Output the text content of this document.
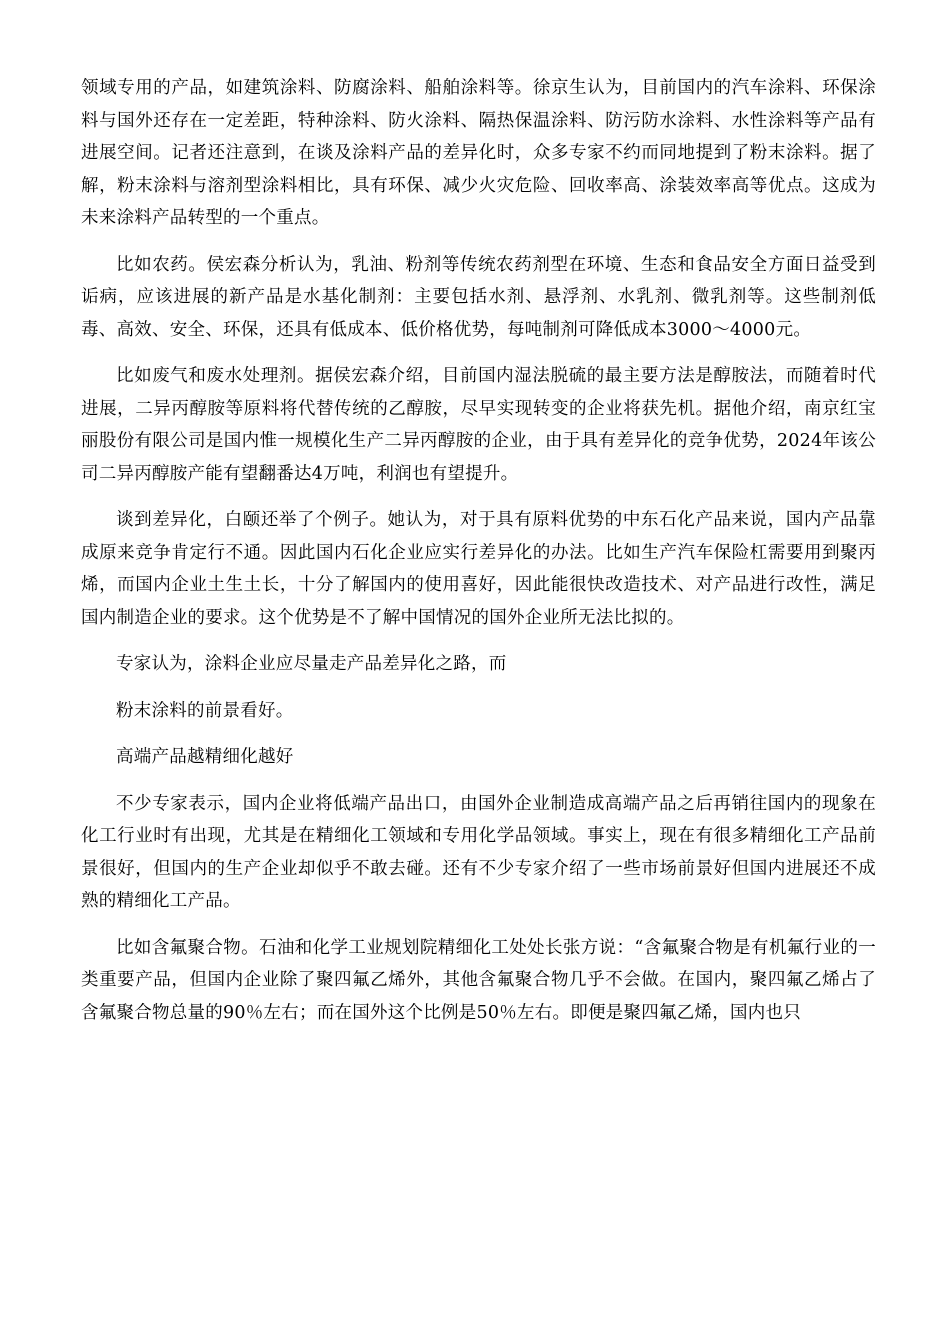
领域专用的产品，如建筑涂料、防腐涂料、船舶涂料等。徐京生认为，目前国内的汽车涂料、环保涂料与国外还存在一定差距，特种涂料、防火涂料、隔热保温涂料、防污防水涂料、水性涂料等产品有进展空间。记者还注意到，在谈及涂料产品的差异化时，众多专家不约而同地提到了粉末涂料。据了解，粉末涂料与溶剂型涂料相比，具有环保、减少火灾危险、回收率高、涂装效率高等优点。这成为未来涂料产品转型的一个重点。

比如农药。侯宏森分析认为，乳油、粉剂等传统农药剂型在环境、生态和食品安全方面日益受到诟病，应该进展的新产品是水基化制剂：主要包括水剂、悬浮剂、水乳剂、微乳剂等。这些制剂低毒、高效、安全、环保，还具有低成本、低价格优势，每吨制剂可降低成本3000～4000元。

比如废气和废水处理剂。据侯宏森介绍，目前国内湿法脱硫的最主要方法是醇胺法，而随着时代进展，二异丙醇胺等原料将代替传统的乙醇胺，尽早实现转变的企业将获先机。据他介绍，南京红宝丽股份有限公司是国内惟一规模化生产二异丙醇胺的企业，由于具有差异化的竞争优势，2024年该公司二异丙醇胺产能有望翻番达4万吨，利润也有望提升。

谈到差异化，白颐还举了个例子。她认为，对于具有原料优势的中东石化产品来说，国内产品靠成原来竞争肯定行不通。因此国内石化企业应实行差异化的办法。比如生产汽车保险杠需要用到聚丙烯，而国内企业土生土长，十分了解国内的使用喜好，因此能很快改造技术、对产品进行改性，满足国内制造企业的要求。这个优势是不了解中国情况的国外企业所无法比拟的。

专家认为，涂料企业应尽量走产品差异化之路，而

粉末涂料的前景看好。

高端产品越精细化越好

不少专家表示，国内企业将低端产品出口，由国外企业制造成高端产品之后再销往国内的现象在化工行业时有出现，尤其是在精细化工领域和专用化学品领域。事实上，现在有很多精细化工产品前景很好，但国内的生产企业却似乎不敢去碰。还有不少专家介绍了一些市场前景好但国内进展还不成熟的精细化工产品。

比如含氟聚合物。石油和化学工业规划院精细化工处处长张方说：“含氟聚合物是有机氟行业的一类重要产品，但国内企业除了聚四氟乙烯外，其他含氟聚合物几乎不会做。在国内，聚四氟乙烯占了含氟聚合物总量的90％左右；而在国外这个比例是50％左右。即便是聚四氟乙烯，国内也只
